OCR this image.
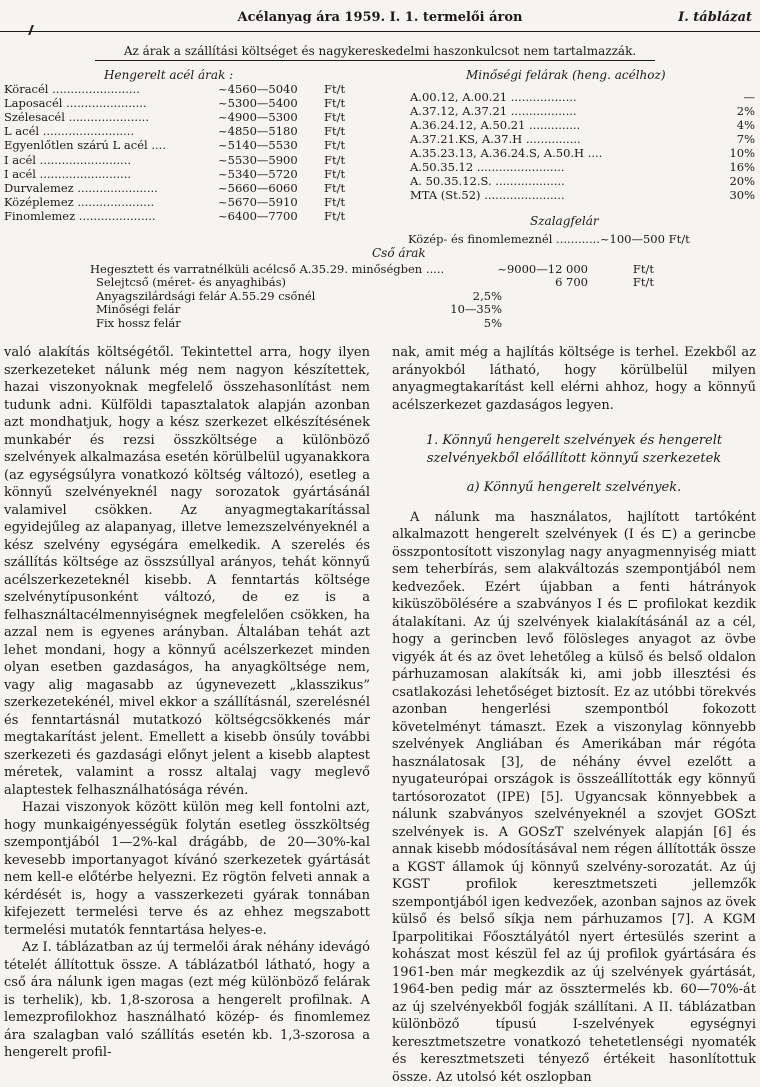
Acélanyag ára 1959. I. 1. termelői áron	I. táblázat
Az árak a szállítási költséget és nagykereskedelmi haszonkulcsot nem tartalmazzák.
Hengerelt acél árak :
Köracél ........................	~4560—5040 Ft/t
Laposacél ......................	~5300—5400 Ft/t
Szélesacél ......................	~4900—5300 Ft/t
L acél .........................	~4850—5180 Ft/t
Egyenlőtlen szárú L acél ....	~5140—5530 Ft/t
I acél .........................	~5530—5900 Ft/t
I acél .........................	~5340—5720 Ft/t
Durvalemez ......................	~5660—6060 Ft/t
Középlemez .....................	~5670—5910 Ft/t
Finomlemez .....................	~6400—7700 Ft/t
Minőségi felárak (heng. acélhoz)
A.00.12, A.00.21 ..................	—
A.37.12, A.37.21 ..................	2%
A.36.24.12, A.50.21 ..............	4%
A.37.21.KS, A.37.H ...............	7%
A.35.23.13, A.36.24.S, A.50.H ....	10%
A.50.35.12 ........................	16%
A. 50.35.12.S. ...................	20%
MTA (St.52) ......................	30%
Szalagfelár
Közép- és finomlemeznél ............~100—500 Ft/t
Cső árak
Hegesztett és varratnélküli acélcső A.35.29. minőségben .....	~9000—12 000	Ft/t
Selejtcső (méret- és anyaghibás)	6 700	Ft/t
Anyagszilárdsági felár A.55.29 csőnél	2,5%
Minőségi felár	10—35%
Fix hossz felár	5%

való alakítás költségétől. Tekintettel arra, hogy ilyen szerkezeteket nálunk még nem nagyon készítettek, hazai viszonyoknak megfelelő összehasonlítást nem tudunk adni. Külföldi tapasztalatok alapján azonban azt mondhatjuk, hogy a kész szerkezet elkészítésének munkabér és rezsi összköltsége a különböző szelvények alkalmazása esetén körülbelül ugyanakkora (az egységsúlyra vonatkozó költség változó), esetleg a könnyű szelvényeknél nagy sorozatok gyártásánál valamivel csökken. Az anyagmegtakarítással egyidejűleg az alapanyag, illetve lemezszelvényeknél a kész szelvény egységára emelkedik. A szerelés és szállítás költsége az összsúllyal arányos, tehát könnyű acélszerkezeteknél kisebb. A fenntartás költsége szelvénytípusonként változó, de ez is a felhasználtacélmennyiségnek megfelelően csökken, ha azzal nem is egyenes arányban. Általában tehát azt lehet mondani, hogy a könnyű acélszerkezet minden olyan esetben gazdaságos, ha anyagköltsége nem, vagy alig magasabb az úgynevezett „klasszikus” szerkezetekénél, mivel ekkor a szállításnál, szerelésnél és fenntartásnál mutatkozó költségcsökkenés már megtakarítást jelent. Emellett a kisebb önsúly további szerkezeti és gazdasági előnyt jelent a kisebb alaptest méretek, valamint a rossz altalaj vagy meglevő alaptestek felhasználhatósága révén.

Hazai viszonyok között külön meg kell fontolni azt, hogy munkaigényességük folytán esetleg összköltség szempontjából 1—2%-kal drágább, de 20—30%-kal kevesebb importanyagot kívánó szerkezetek gyártását nem kell-e előtérbe helyezni. Ez rögtön felveti annak a kérdését is, hogy a vasszerkezeti gyárak tonnában kifejezett termelési terve és az ehhez megszabott termelési mutatók fenntartása helyes-e.

Az I. táblázatban az új termelői árak néhány idevágó tételét állítottuk össze. A táblázatból látható, hogy a cső ára nálunk igen magas (ezt még különböző felárak is terhelik), kb. 1,8-szorosa a hengerelt profilnak. A lemezprofilokhoz használható közép- és finomlemez ára szalagban való szállítás esetén kb. 1,3-szorosa a hengerelt profil-

nak, amit még a hajlítás költsége is terhel. Ezekből az arányokból látható, hogy körülbelül milyen anyagmegtakarítást kell elérni ahhoz, hogy a könnyű acélszerkezet gazdaságos legyen.

1. Könnyű hengerelt szelvények és hengerelt szelvényekből előállított könnyű szerkezetek

a) Könnyű hengerelt szelvények.

A nálunk ma használatos, hajlított tartóként alkalmazott hengerelt szelvények (I és ⊏) a gerincbe összpontosított viszonylag nagy anyagmennyiség miatt sem teherbírás, sem alakváltozás szempontjából nem kedvezőek. Ezért újabban a fenti hátrányok kiküszöbölésére a szabványos I és ⊏ profilokat kezdik átalakítani. Az új szelvények kialakításánál az a cél, hogy a gerincben levő fölösleges anyagot az övbe vigyék át és az övet lehetőleg a külső és belső oldalon párhuzamosan alakítsák ki, ami jobb illesztési és csatlakozási lehetőséget biztosít. Ez az utóbbi törekvés azonban hengerlési szempontból fokozott követelményt támaszt. Ezek a viszonylag könnyebb szelvények Angliában és Amerikában már régóta használatosak [3], de néhány évvel ezelőtt a nyugateurópai országok is összeállították egy könnyű tartósorozatot (IPE) [5]. Ugyancsak könnyebbek a nálunk szabványos szelvényeknél a szovjet GOSzt szelvények is. A GOSzT szelvények alapján [6] és annak kisebb módosításával nem régen állították össze a KGST államok új könnyű szelvény-sorozatát. Az új KGST profilok keresztmetszeti jellemzők szempontjából igen kedvezőek, azonban sajnos az övek külső és belső síkja nem párhuzamos [7]. A KGM Iparpolitikai Főosztályától nyert értesülés szerint a kohászat most készül fel az új profilok gyártására és 1961-ben már megkezdik az új szelvények gyártását, 1964-ben pedig már az össztermelés kb. 60—70%-át az új szelvényekből fogják szállítani. A II. táblázatban különböző típusú I-szelvények egységnyi keresztmetszetre vonatkozó tehetetlenségi nyomaték és keresztmetszeti tényező értékeit hasonlítottuk össze. Az utolsó két oszlopban
